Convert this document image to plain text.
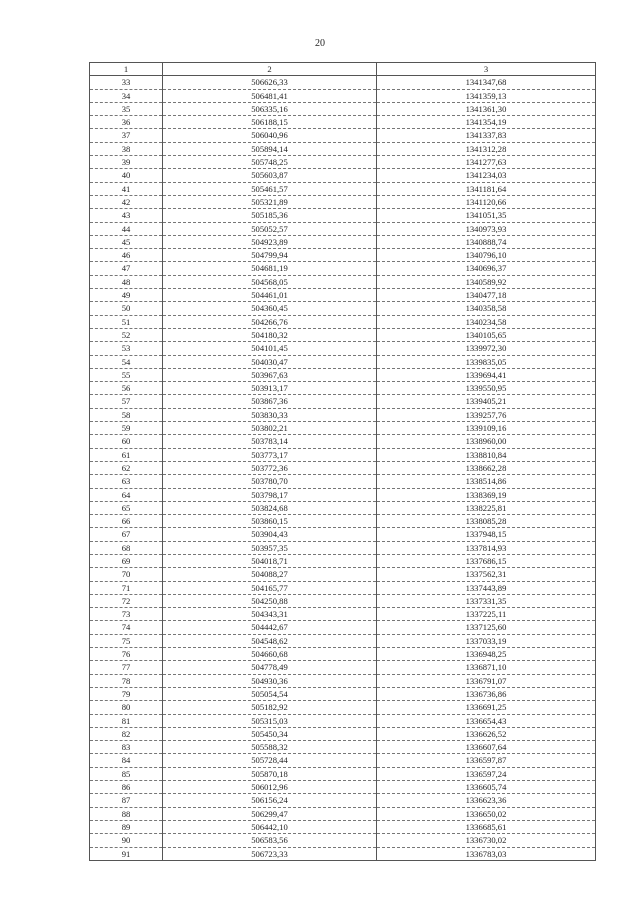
20
1	2	3
33	506626,33	1341347,68
34	506481,41	1341359,13
35	506335,16	1341361,30
36	506188,15	1341354,19
37	506040,96	1341337,83
38	505894,14	1341312,28
39	505748,25	1341277,63
40	505603,87	1341234,03
41	505461,57	1341181,64
42	505321,89	1341120,66
43	505185,36	1341051,35
44	505052,57	1340973,93
45	504923,89	1340888,74
46	504799,94	1340796,10
47	504681,19	1340696,37
48	504568,05	1340589,92
49	504461,01	1340477,18
50	504360,45	1340358,58
51	504266,76	1340234,58
52	504180,32	1340105,65
53	504101,45	1339972,30
54	504030,47	1339835,05
55	503967,63	1339694,41
56	503913,17	1339550,95
57	503867,36	1339405,21
58	503830,33	1339257,76
59	503802,21	1339109,16
60	503783,14	1338960,00
61	503773,17	1338810,84
62	503772,36	1338662,28
63	503780,70	1338514,86
64	503798,17	1338369,19
65	503824,68	1338225,81
66	503860,15	1338085,28
67	503904,43	1337948,15
68	503957,35	1337814,93
69	504018,71	1337686,15
70	504088,27	1337562,31
71	504165,77	1337443,89
72	504250,88	1337331,35
73	504343,31	1337225,11
74	504442,67	1337125,60
75	504548,62	1337033,19
76	504660,68	1336948,25
77	504778,49	1336871,10
78	504930,36	1336791,07
79	505054,54	1336736,86
80	505182,92	1336691,25
81	505315,03	1336654,43
82	505450,34	1336626,52
83	505588,32	1336607,64
84	505728,44	1336597,87
85	505870,18	1336597,24
86	506012,96	1336605,74
87	506156,24	1336623,36
88	506299,47	1336650,02
89	506442,10	1336685,61
90	506583,56	1336730,02
91	506723,33	1336783,03
